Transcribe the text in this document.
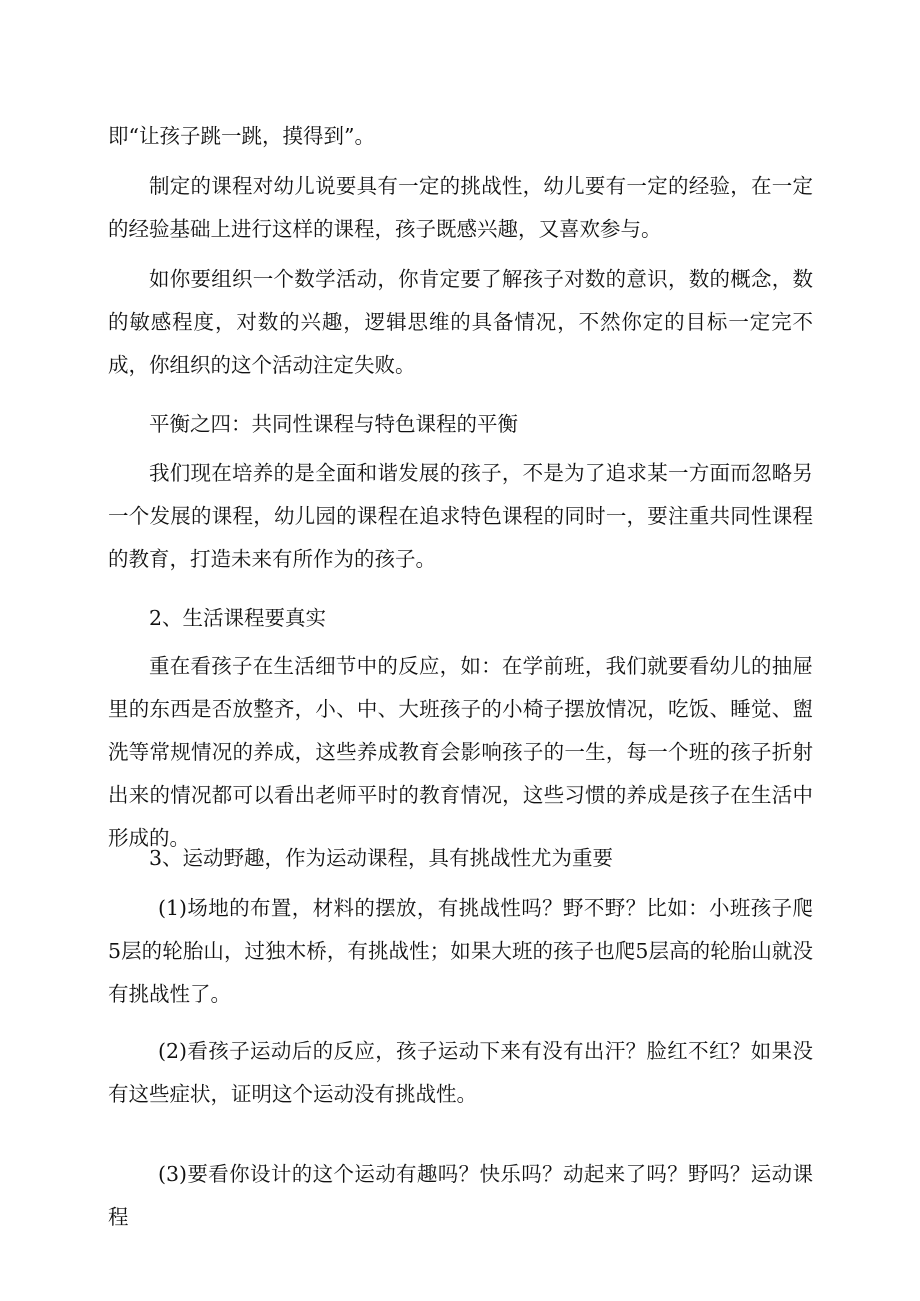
即“让孩子跳一跳，摸得到”。

制定的课程对幼儿说要具有一定的挑战性，幼儿要有一定的经验，在一定的经验基础上进行这样的课程，孩子既感兴趣，又喜欢参与。

如你要组织一个数学活动，你肯定要了解孩子对数的意识，数的概念，数的敏感程度，对数的兴趣，逻辑思维的具备情况，不然你定的目标一定完不成，你组织的这个活动注定失败。

平衡之四：共同性课程与特色课程的平衡

我们现在培养的是全面和谐发展的孩子，不是为了追求某一方面而忽略另一个发展的课程，幼儿园的课程在追求特色课程的同时一，要注重共同性课程的教育，打造未来有所作为的孩子。

2、生活课程要真实

重在看孩子在生活细节中的反应，如：在学前班，我们就要看幼儿的抽屉里的东西是否放整齐，小、中、大班孩子的小椅子摆放情况，吃饭、睡觉、盥洗等常规情况的养成，这些养成教育会影响孩子的一生，每一个班的孩子折射出来的情况都可以看出老师平时的教育情况，这些习惯的养成是孩子在生活中形成的。

3、运动野趣，作为运动课程，具有挑战性尤为重要

(1)场地的布置，材料的摆放，有挑战性吗？野不野？比如：小班孩子爬5层的轮胎山，过独木桥，有挑战性；如果大班的孩子也爬5层高的轮胎山就没有挑战性了。

(2)看孩子运动后的反应，孩子运动下来有没有出汗？脸红不红？如果没有这些症状，证明这个运动没有挑战性。

(3)要看你设计的这个运动有趣吗？快乐吗？动起来了吗？野吗？运动课程
